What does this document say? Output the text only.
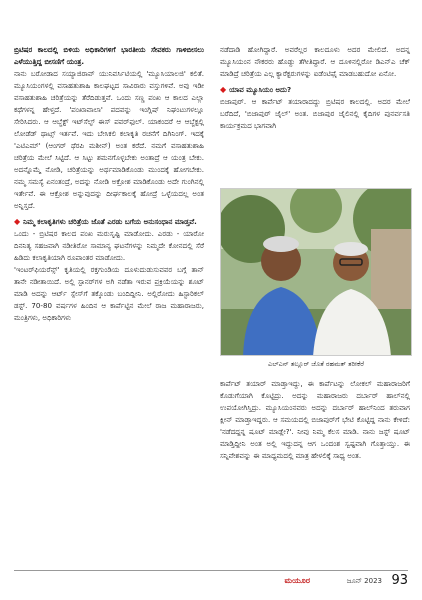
ಬ್ರಿಟಿಷರ ಕಾಲದಲ್ಲಿ ಬಿಳಿಯ ಅಧಿಕಾರಿಗಳಿಗೆ ಭಾರತೀಯ ಸೇವಕರು ಗಾಳಿಬೀಸಲು ಎಳೆಯುತ್ತಿದ್ದ ಬೀಸಣಿಗೆ ಯಂತ್ರ.

ನಾನು ಬರೋಡಾದ ಸಯ್ಯಾಜಿರಾವ್ ಯುನಿವರ್ಸಿಟಿಯಲ್ಲಿ 'ಮ್ಯೂಸಿಯಾಲಜಿ' ಕಲಿತೆ. ಮ್ಯೂಸಿಯಂಗಳಲ್ಲಿ ವಸಾಹತುಶಾಹಿ ಕಾಲಘಟ್ಟದ ಸಾವಿರಾರು ವಸ್ತುಗಳಿವೆ. ಅವು ಇಡೀ ವಸಾಹತುಶಾಹಿ ಚರಿತ್ರೆಯನ್ನು ತೆರೆದಿಡುತ್ತವೆ. ಒಂದು ಸಣ್ಣ ಪಂಖ ಆ ಕಾಲದ ಎಲ್ಲಾ ಕಥೆಗಳನ್ನ ಹೇಳ್ತದೆ. 'ಪಂಖಾವಾಲಾ' ಪದವನ್ನು ಇಂಗ್ಲಿಷ್ ನಿಘಂಟುಗಳಲ್ಲೂ ಸೇರಿಸಿದರು. ಆ ಆಬ್ಜೆಕ್ಟ್ ಇಟ್‌ಸೆಲ್ಫ್ ಈಸ್ ಪವರ್‌ಫುಲ್. ಯಾಕಂದರೆ ಆ ಆಬ್ಜೆಕ್ಟಲ್ಲಿ ಲೋಡೆಡ್ ಥಾಟ್ಸ್ ಇರ್ತವೆ. ಇದು ಬೇಸಿಕಲಿ ಕಲಾಕೃತಿ ರಚನೆಗೆ ದಿಗಿನಿಂಗ್. ಇದಕ್ಕೆ 'ಎಟಿಎಮ್' (ಆಂಗರ್ ಥೆರಪಿ ಮಶೀನ್) ಅಂತ ಕರೆದೆ. ನಮಗೆ ವಸಾಹತುಶಾಹಿ ಚರಿತ್ರೆಯ ಮೇಲೆ ಸಿಟ್ಟಿದೆ. ಆ ಸಿಟ್ಟು ಶಮನಗೊಳ್ಳಬೇಕು ಅಂತಾದ್ರೆ ಆ ಯಂತ್ರ ಬೇಕು. ಅದನ್ನೊಮ್ಮೆ ನೋಡಿ, ಚರಿತ್ರೆಯನ್ನು ಅರ್ಥಮಾಡಿಕೊಂಡು ಮುಂದಕ್ಕೆ ಹೋಗಬೇಕು. ನಮ್ಮ ಸಮಸ್ಯೆ ಏನಂತಂದ್ರೆ, ಅದನ್ನು ನೋಡಿ ಅಕ್ರೋಶ ಮಾಡಿಕೊಂಡು ಅದೇ ಗುಂಗಿನಲ್ಲಿ ಇರ್ತೇವೆ. ಈ ಆಕ್ರೋಶ ಅನ್ನುವುದನ್ನು ದೀರ್ಘಕಾಲಕ್ಕೆ ಹೋದ್ರೆ ಒಳ್ಳೆಯದಲ್ಲ ಅಂತ ಅನ್ನಿಸ್ತದೆ.

◆ ನಿಮ್ಮ ಕಲಾಕೃತಿಗಳು ಚರಿತ್ರೆಯ ಜೊತೆ ಎರಡು ಬಗೆಯ ಅನುಸಂಧಾನ ಮಾಡ್ತವೆ.

ಒಂದು - ಬ್ರಿಟಿಷರ ಕಾಲದ ಪಂಖ ಮರುಸೃಷ್ಟಿ ಮಾಡೋದು. ಎರಡು - ಯಾರೋ ದಿನನಿತ್ಯ ಸಹಜವಾಗಿ ನಡೀತಿರೋ ಸಾಮಾನ್ಯ ಘಟನೆಗಳನ್ನು ನಿಮ್ಮದೇ ಕೋನದಲ್ಲಿ ಸೆರೆ ಹಿಡಿದು ಕಲಾಕೃತಿಯಾಗಿ ರೂಪಾಂತರ ಮಾಡೋದು.

'ಇಂಟರ್‌ಫಿಯರೆನ್ಸ್' ಕೃತಿಯಲ್ಲಿ ರಕ್ತಗುಂಡಿಯ ದೂಳುದುಡುಸುವವರ ಬಗ್ಗೆ ತಾನ್ ತಾನೇ ನಡೀತಾಯಿದೆ. ಅಲ್ಲಿ ಸ್ಪಾನರ್‌ಗಳ ಅಗಿ ನಡೆತಾ ಇರುವ ಪ್ರಕ್ರಿಯೆಯನ್ನು ಶೂಟ್ ಮಾಡಿ ಅದನ್ನು ಆರ್ಟ್ ಸ್ಪೇಸ್‌ಗೆ ತಕ್ಕೊಂಡು ಬಂದಿದ್ದೀನಿ. ಅಲ್ಲಿರೋದು ಹಿಸ್ಟಾರಿಕಲ್ ಡಸ್ಟ್. 70-80 ವರ್ಷಗಳ ಹಿಂದಿನ ಆ ಕಾರ್ಪೆಟ್ಟಿನ ಮೇಲೆ ರಾಜ ಮಹಾರಾಜರು, ಮಂತ್ರಿಗಳು, ಅಧಿಕಾರಿಗಳು

ನಡೆದಾಡಿ ಹೋಗಿದ್ದಾರೆ. ಅವರೆಲ್ಲರ ಕಾಲದೂಳು ಅದರ ಮೇಲಿದೆ. ಅದನ್ನ ಮ್ಯೂಸಿಯಂನ ನೌಕರರು ಹೊಡ್ದು ತೆಗೀತಿದ್ದಾರೆ. ಆ ದೂಳಿನಲ್ಲಿರೋ ಡಿಎನ್‌ಎ ಚೆಕ್ ಮಾಡಿದ್ರೆ ಚರಿತ್ರೆಯ ಎಲ್ಲ ಕ್ಯಾರೆಕ್ಟರುಗಳನ್ನು ಐಡೆಂಟಿಫೈ ಮಾಡಬಹುದೋ ಏನೋ.

◆ ಯಾವ ಮ್ಯೂಸಿಯಂ ಅದು?

ಬಿಜಾಪುರ್. ಆ ಕಾರ್ಪೆಟ್ ತಯಾರಾದದ್ದು ಬ್ರಿಟಿಷರ ಕಾಲದಲ್ಲಿ. ಅದರ ಮೇಲೆ ಬರೆದಿದೆ, 'ಬಿಜಾಪುರ್ ಜೈಲ್' ಅಂತ. ಬಿಜಾಪುರ ಜೈಲಿನಲ್ಲಿ ಕೈದಿಗಳ ಪುನರ್ವಸತಿ ಕಾರ್ಯಕ್ರಮದ ಭಾಗವಾಗಿ

ಎಲ್ಎನ್ ತಲ್ಲೂರ್ ಜೊತೆ ರಹಮತ್ ತರೀಕೆರೆ

ಕಾರ್ಪೆಟ್ ತಯಾರ್ ಮಾಡ್ತಾಇದ್ದು, ಈ ಕಾರ್ಪೆಟನ್ನು ಲೋಕಲ್ ಮಹಾರಾಜರಿಗೆ ಕೊಡುಗೆಯಾಗಿ ಕೊಟ್ಟಿದ್ರು. ಅದನ್ನು ಮಹಾರಾಜರು ದರ್ಬಾರ್ ಹಾಲ್‌ನಲ್ಲಿ ಉಪಯೋಗಿಸ್ತಿದ್ರು. ಮ್ಯೂಸಿಯಂನವರು ಅದನ್ನು ದರ್ಬಾರ್ ಹಾಲ್‌ನಿಂದ ತರುವಾಗ ಕ್ಲೀನ್ ಮಾಡ್ತಾಇದ್ದರು. ಆ ಸಮಯದಲ್ಲಿ ಬಿಜಾಪುರ್‌ಗೆ ಭೇಟಿ ಕೊಟ್ಟಿದ್ದ ನಾನು ಕೇಳಿದೆ: 'ನಡೆದದ್ದನ್ನ ಷೂಟ್ ಮಾಡ್ಲೇ?'. ನೀವು ನಿಮ್ಮ ಕೆಲಸ ಮಾಡಿ. ನಾನು ಜಸ್ಟ್ ಷೂಟ್ ಮಾಡ್ತಿದ್ದೀನಿ ಅಂತ ಅಲ್ಲಿ ಇದ್ದುದನ್ನ ಆಗ ಒಂದಂಶ ಸ್ವಷ್ಟವಾಗಿ ಗೊತ್ತಾಯ್ತು. ಈ ಸನ್ನಿವೇಶವನ್ನು ಈ ಮಾಧ್ಯಮದಲ್ಲಿ ಮಾತ್ರ ಹೇಳಲಿಕ್ಕೆ ಸಾಧ್ಯ ಅಂತ.

ಮಯೂರ	ಜೂನ್ 2023 93
